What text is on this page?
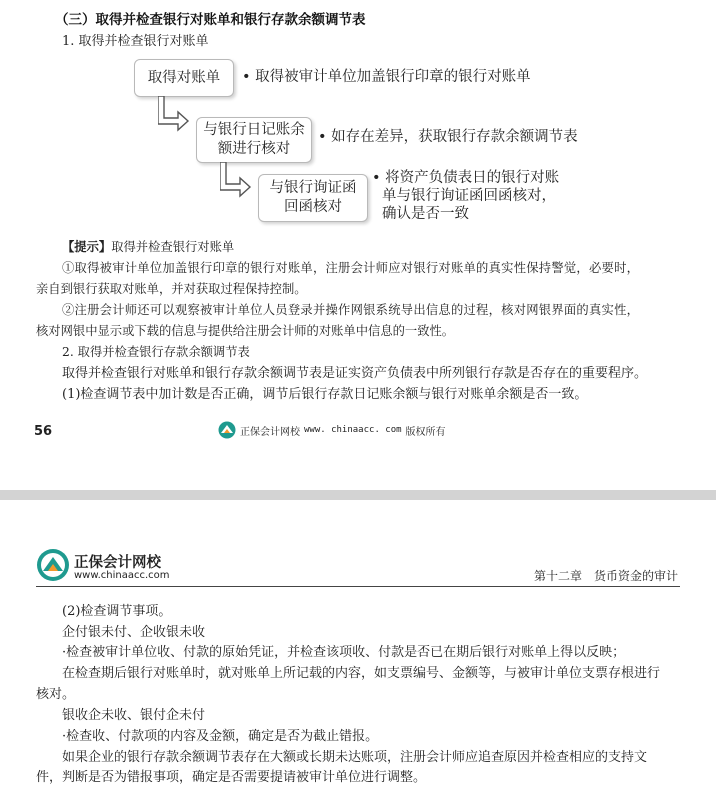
（三）取得并检查银行对账单和银行存款余额调节表
1. 取得并检查银行对账单
取得对账单 • 取得被审计单位加盖银行印章的银行对账单
与银行日记账余
额进行核对
• 如存在差异，获取银行存款余额调节表
与银行询证函
回函核对
• 将资产负债表日的银行对账
单与银行询证函回函核对，
确认是否一致
【提示】取得并检查银行对账单
①取得被审计单位加盖银行印章的银行对账单，注册会计师应对银行对账单的真实性保持警觉，必要时，
亲自到银行获取对账单，并对获取过程保持控制。
②注册会计师还可以观察被审计单位人员登录并操作网银系统导出信息的过程，核对网银界面的真实性，
核对网银中显示或下载的信息与提供给注册会计师的对账单中信息的一致性。
2. 取得并检查银行存款余额调节表
取得并检查银行对账单和银行存款余额调节表是证实资产负债表中所列银行存款是否存在的重要程序。
(1)检查调节表中加计数是否正确，调节后银行存款日记账余额与银行对账单余额是否一致。
56	正保会计网校 www. chinaacc. com 版权所有
正保会计网校
www.chinaacc.com	第十二章　货币资金的审计
(2)检查调节事项。
企付银未付、企收银未收
·检查被审计单位收、付款的原始凭证，并检查该项收、付款是否已在期后银行对账单上得以反映；
在检查期后银行对账单时，就对账单上所记载的内容，如支票编号、金额等，与被审计单位支票存根进行
核对。
银收企未收、银付企未付
·检查收、付款项的内容及金额，确定是否为截止错报。
如果企业的银行存款余额调节表存在大额或长期未达账项，注册会计师应追查原因并检查相应的支持文
件，判断是否为错报事项，确定是否需要提请被审计单位进行调整。
